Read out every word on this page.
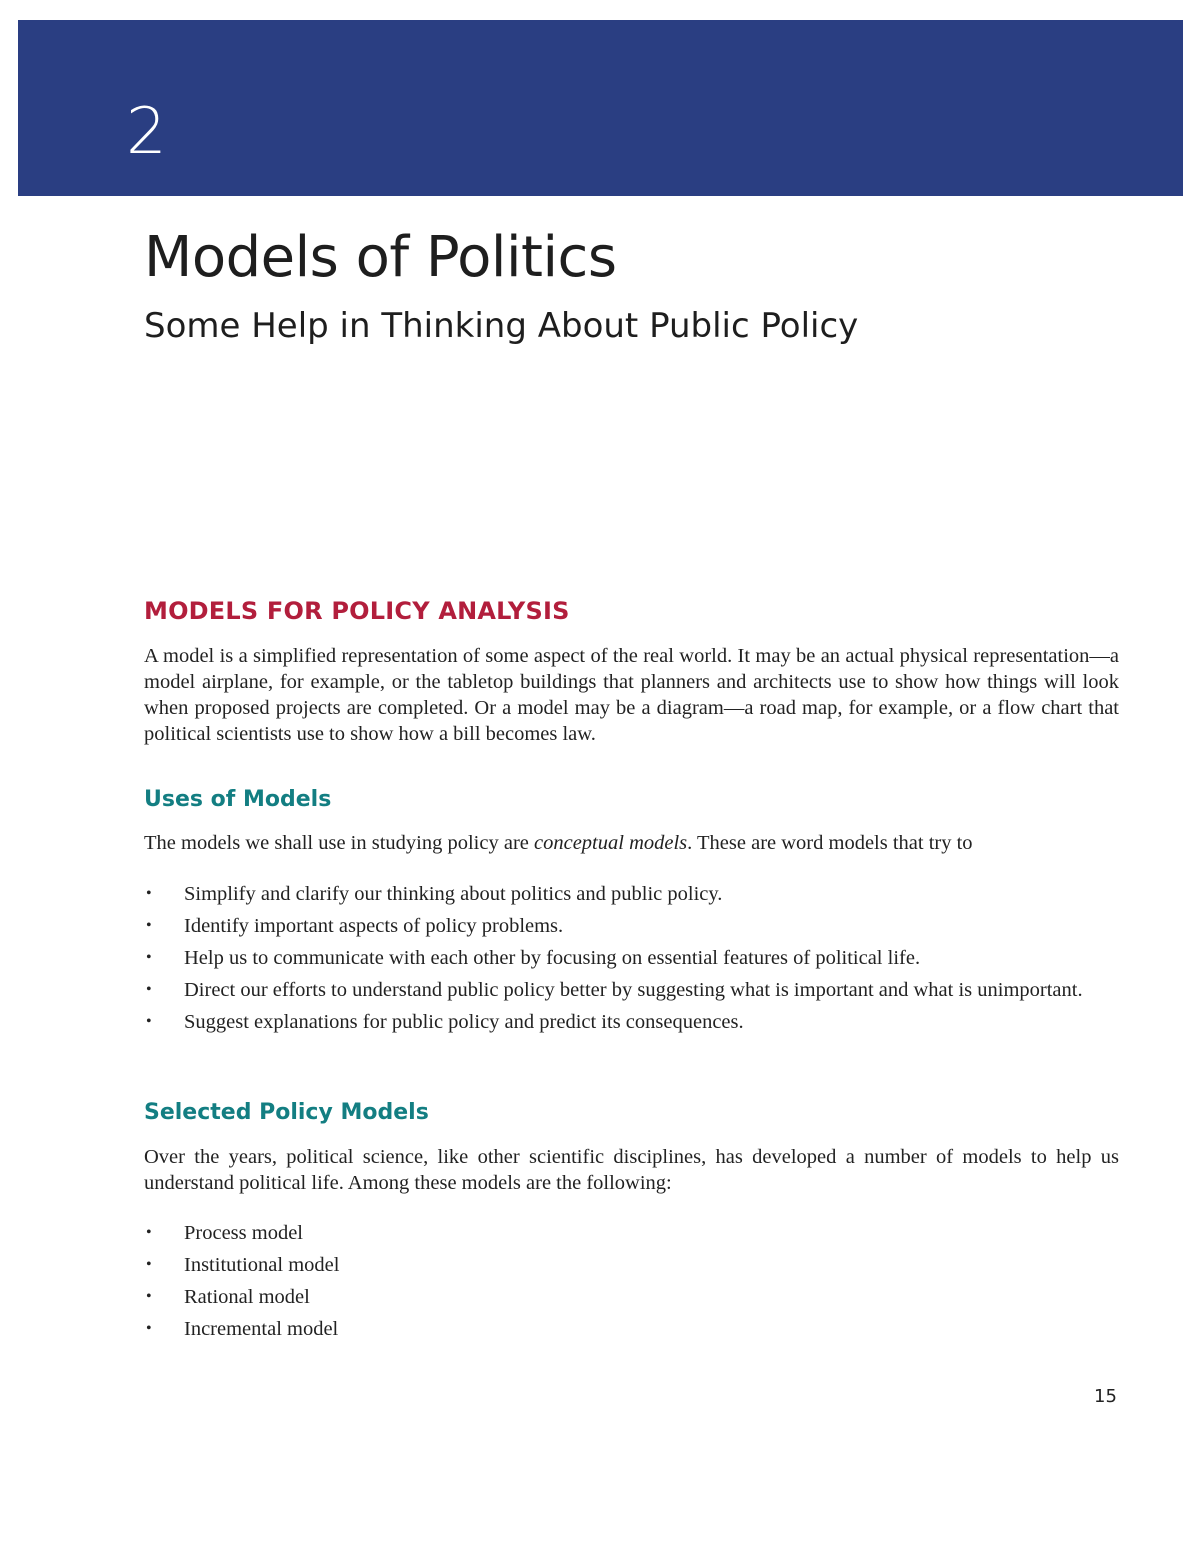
2
Models of Politics
Some Help in Thinking About Public Policy
MODELS FOR POLICY ANALYSIS

A model is a simplified representation of some aspect of the real world. It may be an actual physical representation—a model airplane, for example, or the tabletop buildings that planners and architects use to show how things will look when proposed projects are completed. Or a model may be a diagram—a road map, for example, or a flow chart that political scientists use to show how a bill becomes law.

Uses of Models

The models we shall use in studying policy are conceptual models. These are word models that try to

• Simplify and clarify our thinking about politics and public policy.
• Identify important aspects of policy problems.
• Help us to communicate with each other by focusing on essential features of political life.
• Direct our efforts to understand public policy better by suggesting what is important and what is unimportant.
• Suggest explanations for public policy and predict its consequences.
Selected Policy Models

Over the years, political science, like other scientific disciplines, has developed a number of models to help us understand political life. Among these models are the following:

• Process model
• Institutional model
• Rational model
• Incremental model
15
